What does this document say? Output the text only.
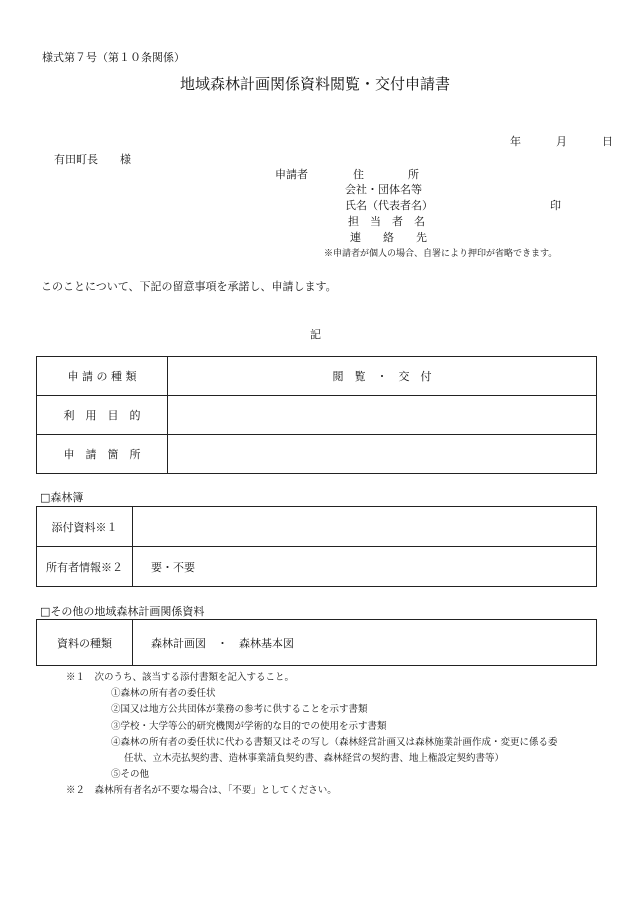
様式第７号（第１０条関係）
地域森林計画関係資料閲覧・交付申請書
年	月	日
有田町長　　様
申請者	住　　　　所
会社・団体名等
氏名（代表者名）	印
担　当　者　名
連　　絡　　先
※申請者が個人の場合、自署により押印が省略できます。
このことについて、下記の留意事項を承諾し、申請します。
記
申 請 の 種 類	閲　覧　・　交　付
利　用　目　的	
申　請　箇　所	
□森林簿
添付資料※１	
所有者情報※２	要・不要
□その他の地域森林計画関係資料
資料の種類	森林計画図　・　森林基本図
※１　次のうち、該当する添付書類を記入すること。
①森林の所有者の委任状
②国又は地方公共団体が業務の参考に供することを示す書類
③学校・大学等公的研究機関が学術的な目的での使用を示す書類
④森林の所有者の委任状に代わる書類又はその写し（森林経営計画又は森林施業計画作成・変更に係る委
任状、立木売払契約書、造林事業請負契約書、森林経営の契約書、地上権設定契約書等）
⑤その他
※２　森林所有者名が不要な場合は、「不要」としてください。
